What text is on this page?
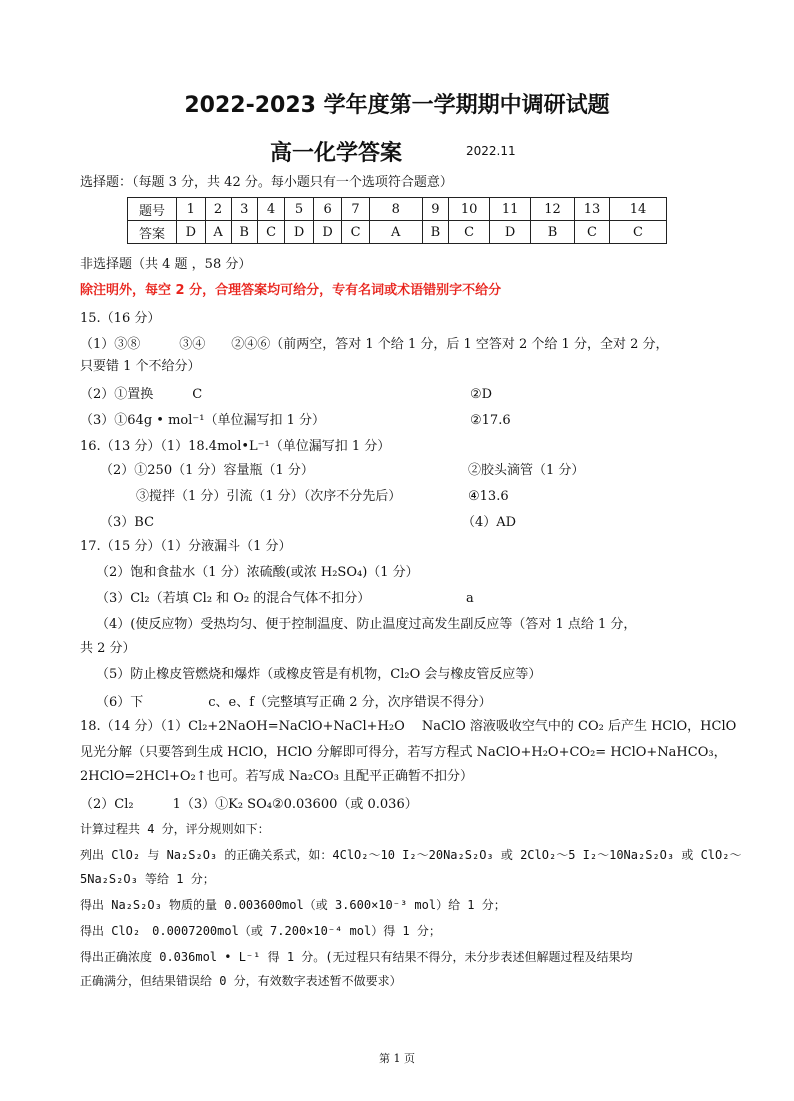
2022-2023 学年度第一学期期中调研试题
高一化学答案	2022.11
选择题：（每题 3 分，共 42 分。每小题只有一个选项符合题意）
题号	1	2	3	4	5	6	7	8	9	10	11	12	13	14
答案	D	A	B	C	D	D	C	A	B	C	D	B	C	C
非选择题（共 4 题 ，58 分）
除注明外，每空 2 分，合理答案均可给分，专有名词或术语错别字不给分
15.（16 分）
（1）③⑧　　　③④　　②④⑥（前两空，答对 1 个给 1 分，后 1 空答对 2 个给 1 分，全对 2 分，
只要错 1 个不给分）
（2）①置换　　　C	②D
（3）①64g • mol⁻¹（单位漏写扣 1 分）	②17.6
16.（13 分）（1）18.4mol•L⁻¹（单位漏写扣 1 分）
（2）①250（1 分）容量瓶（1 分）	②胶头滴管（1 分）
③搅拌（1 分）引流（1 分）（次序不分先后）	④13.6
（3）BC	（4）AD
17.（15 分）（1）分液漏斗（1 分）
（2）饱和食盐水（1 分）浓硫酸(或浓 H₂SO₄)（1 分）
（3）Cl₂（若填 Cl₂ 和 O₂ 的混合气体不扣分）	a
（4）(使反应物）受热均匀、便于控制温度、防止温度过高发生副反应等（答对 1 点给 1 分，
共 2 分）
（5）防止橡皮管燃烧和爆炸（或橡皮管是有机物，Cl₂O 会与橡皮管反应等）
（6）下　　　　　c、e、f（完整填写正确 2 分，次序错误不得分）
18.（14 分）（1）Cl₂+2NaOH=NaClO+NaCl+H₂O　 NaClO 溶液吸收空气中的 CO₂ 后产生 HClO，HClO
见光分解（只要答到生成 HClO，HClO 分解即可得分，若写方程式 NaClO+H₂O+CO₂= HClO+NaHCO₃，
2HClO=2HCl+O₂↑也可。若写成 Na₂CO₃ 且配平正确暂不扣分）
（2）Cl₂　　　1（3）①K₂ SO₄②0.03600（或 0.036）
计算过程共 4 分，评分规则如下：
列出 ClO₂ 与 Na₂S₂O₃ 的正确关系式，如：4ClO₂～10 I₂～20Na₂S₂O₃ 或 2ClO₂～5 I₂～10Na₂S₂O₃ 或 ClO₂～
5Na₂S₂O₃ 等给 1 分；
得出 Na₂S₂O₃ 物质的量 0.003600mol（或 3.600×10⁻³ mol）给 1 分；
得出 ClO₂　0.0007200mol（或 7.200×10⁻⁴ mol）得 1 分；
得出正确浓度 0.036mol • L⁻¹ 得 1 分。(无过程只有结果不得分，未分步表述但解题过程及结果均
正确满分，但结果错误给 0 分，有效数字表述暂不做要求）
第 1 页
